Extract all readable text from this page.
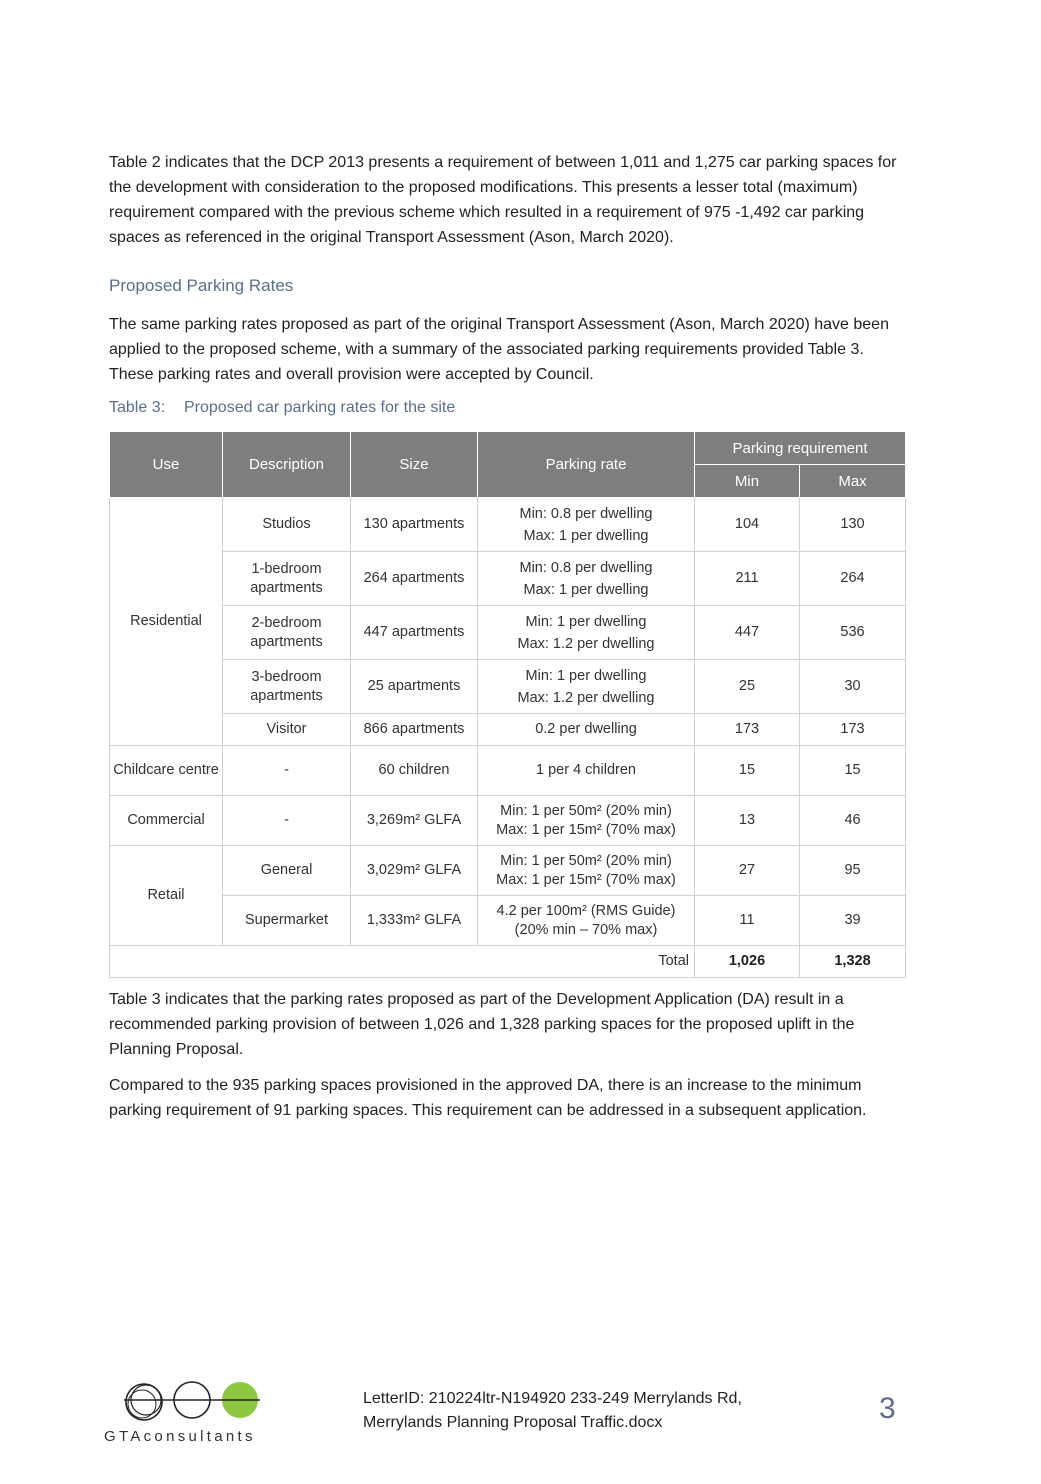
Table 2 indicates that the DCP 2013 presents a requirement of between 1,011 and 1,275 car parking spaces for the development with consideration to the proposed modifications. This presents a lesser total (maximum) requirement compared with the previous scheme which resulted in a requirement of 975 -1,492 car parking spaces as referenced in the original Transport Assessment (Ason, March 2020).

Proposed Parking Rates

The same parking rates proposed as part of the original Transport Assessment (Ason, March 2020) have been applied to the proposed scheme, with a summary of the associated parking requirements provided Table 3. These parking rates and overall provision were accepted by Council.

Table 3: Proposed car parking rates for the site

Use	Description	Size	Parking rate	Parking requirement	
				Min	Max
Residential	Studios	130 apartments	Min: 0.8 per dwelling
Max: 1 per dwelling	104	130
	1-bedroom apartments	264 apartments	Min: 0.8 per dwelling
Max: 1 per dwelling	211	264
	2-bedroom apartments	447 apartments	Min: 1 per dwelling
Max: 1.2 per dwelling	447	536
	3-bedroom apartments	25 apartments	Min: 1 per dwelling
Max: 1.2 per dwelling	25	30
	Visitor	866 apartments	0.2 per dwelling	173	173
Childcare centre	-	60 children	1 per 4 children	15	15
Commercial	-	3,269m² GLFA	Min: 1 per 50m² (20% min)
Max: 1 per 15m² (70% max)	13	46
Retail	General	3,029m² GLFA	Min: 1 per 50m² (20% min)
Max: 1 per 15m² (70% max)	27	95
	Supermarket	1,333m² GLFA	4.2 per 100m² (RMS Guide)
(20% min – 70% max)	11	39
Total				1,026	1,328

Table 3 indicates that the parking rates proposed as part of the Development Application (DA) result in a recommended parking provision of between 1,026 and 1,328 parking spaces for the proposed uplift in the Planning Proposal.

Compared to the 935 parking spaces provisioned in the approved DA, there is an increase to the minimum parking requirement of 91 parking spaces. This requirement can be addressed in a subsequent application.

GTAconsultants

LetterID: 210224ltr-N194920 233-249 Merrylands Rd,
Merrylands Planning Proposal Traffic.docx	3
